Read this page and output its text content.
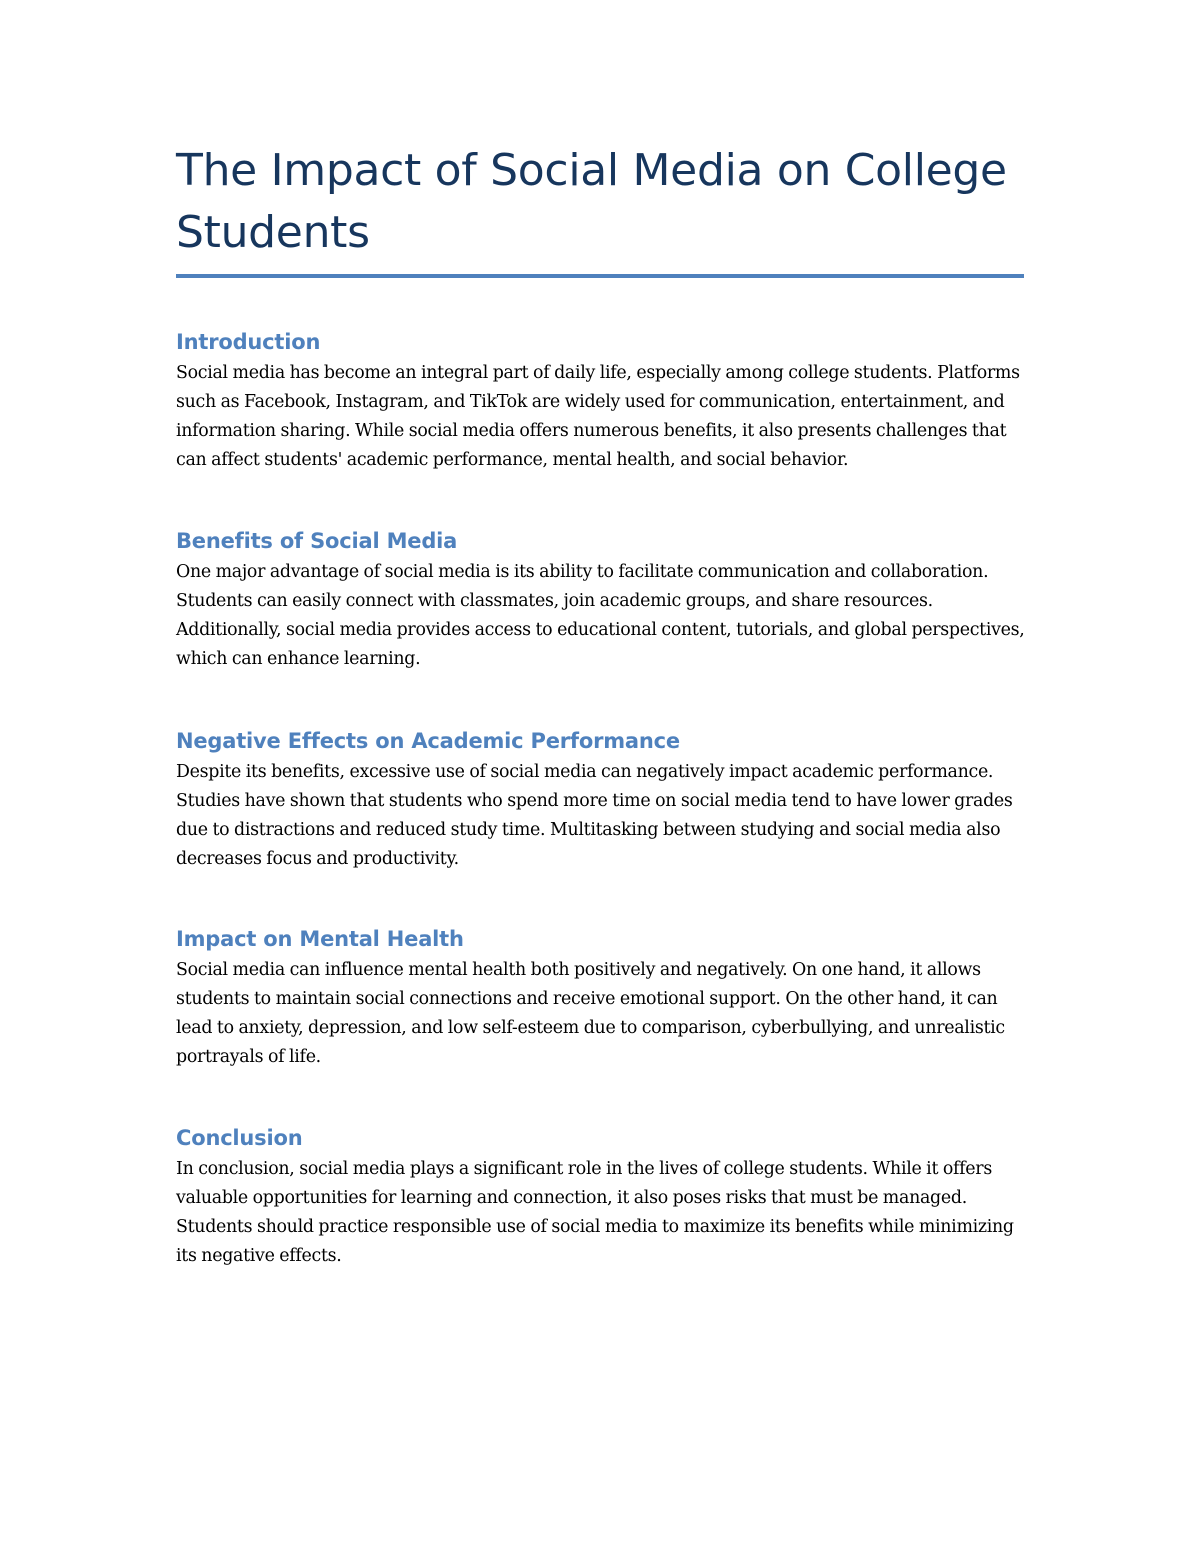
The Impact of Social Media on College Students
Introduction

Social media has become an integral part of daily life, especially among college students. Platforms such as Facebook, Instagram, and TikTok are widely used for communication, entertainment, and information sharing. While social media offers numerous benefits, it also presents challenges that can affect students' academic performance, mental health, and social behavior.

Benefits of Social Media

One major advantage of social media is its ability to facilitate communication and collaboration. Students can easily connect with classmates, join academic groups, and share resources. Additionally, social media provides access to educational content, tutorials, and global perspectives, which can enhance learning.

Negative Effects on Academic Performance

Despite its benefits, excessive use of social media can negatively impact academic performance. Studies have shown that students who spend more time on social media tend to have lower grades due to distractions and reduced study time. Multitasking between studying and social media also decreases focus and productivity.

Impact on Mental Health

Social media can influence mental health both positively and negatively. On one hand, it allows students to maintain social connections and receive emotional support. On the other hand, it can lead to anxiety, depression, and low self-esteem due to comparison, cyberbullying, and unrealistic portrayals of life.

Conclusion

In conclusion, social media plays a significant role in the lives of college students. While it offers valuable opportunities for learning and connection, it also poses risks that must be managed. Students should practice responsible use of social media to maximize its benefits while minimizing its negative effects.
